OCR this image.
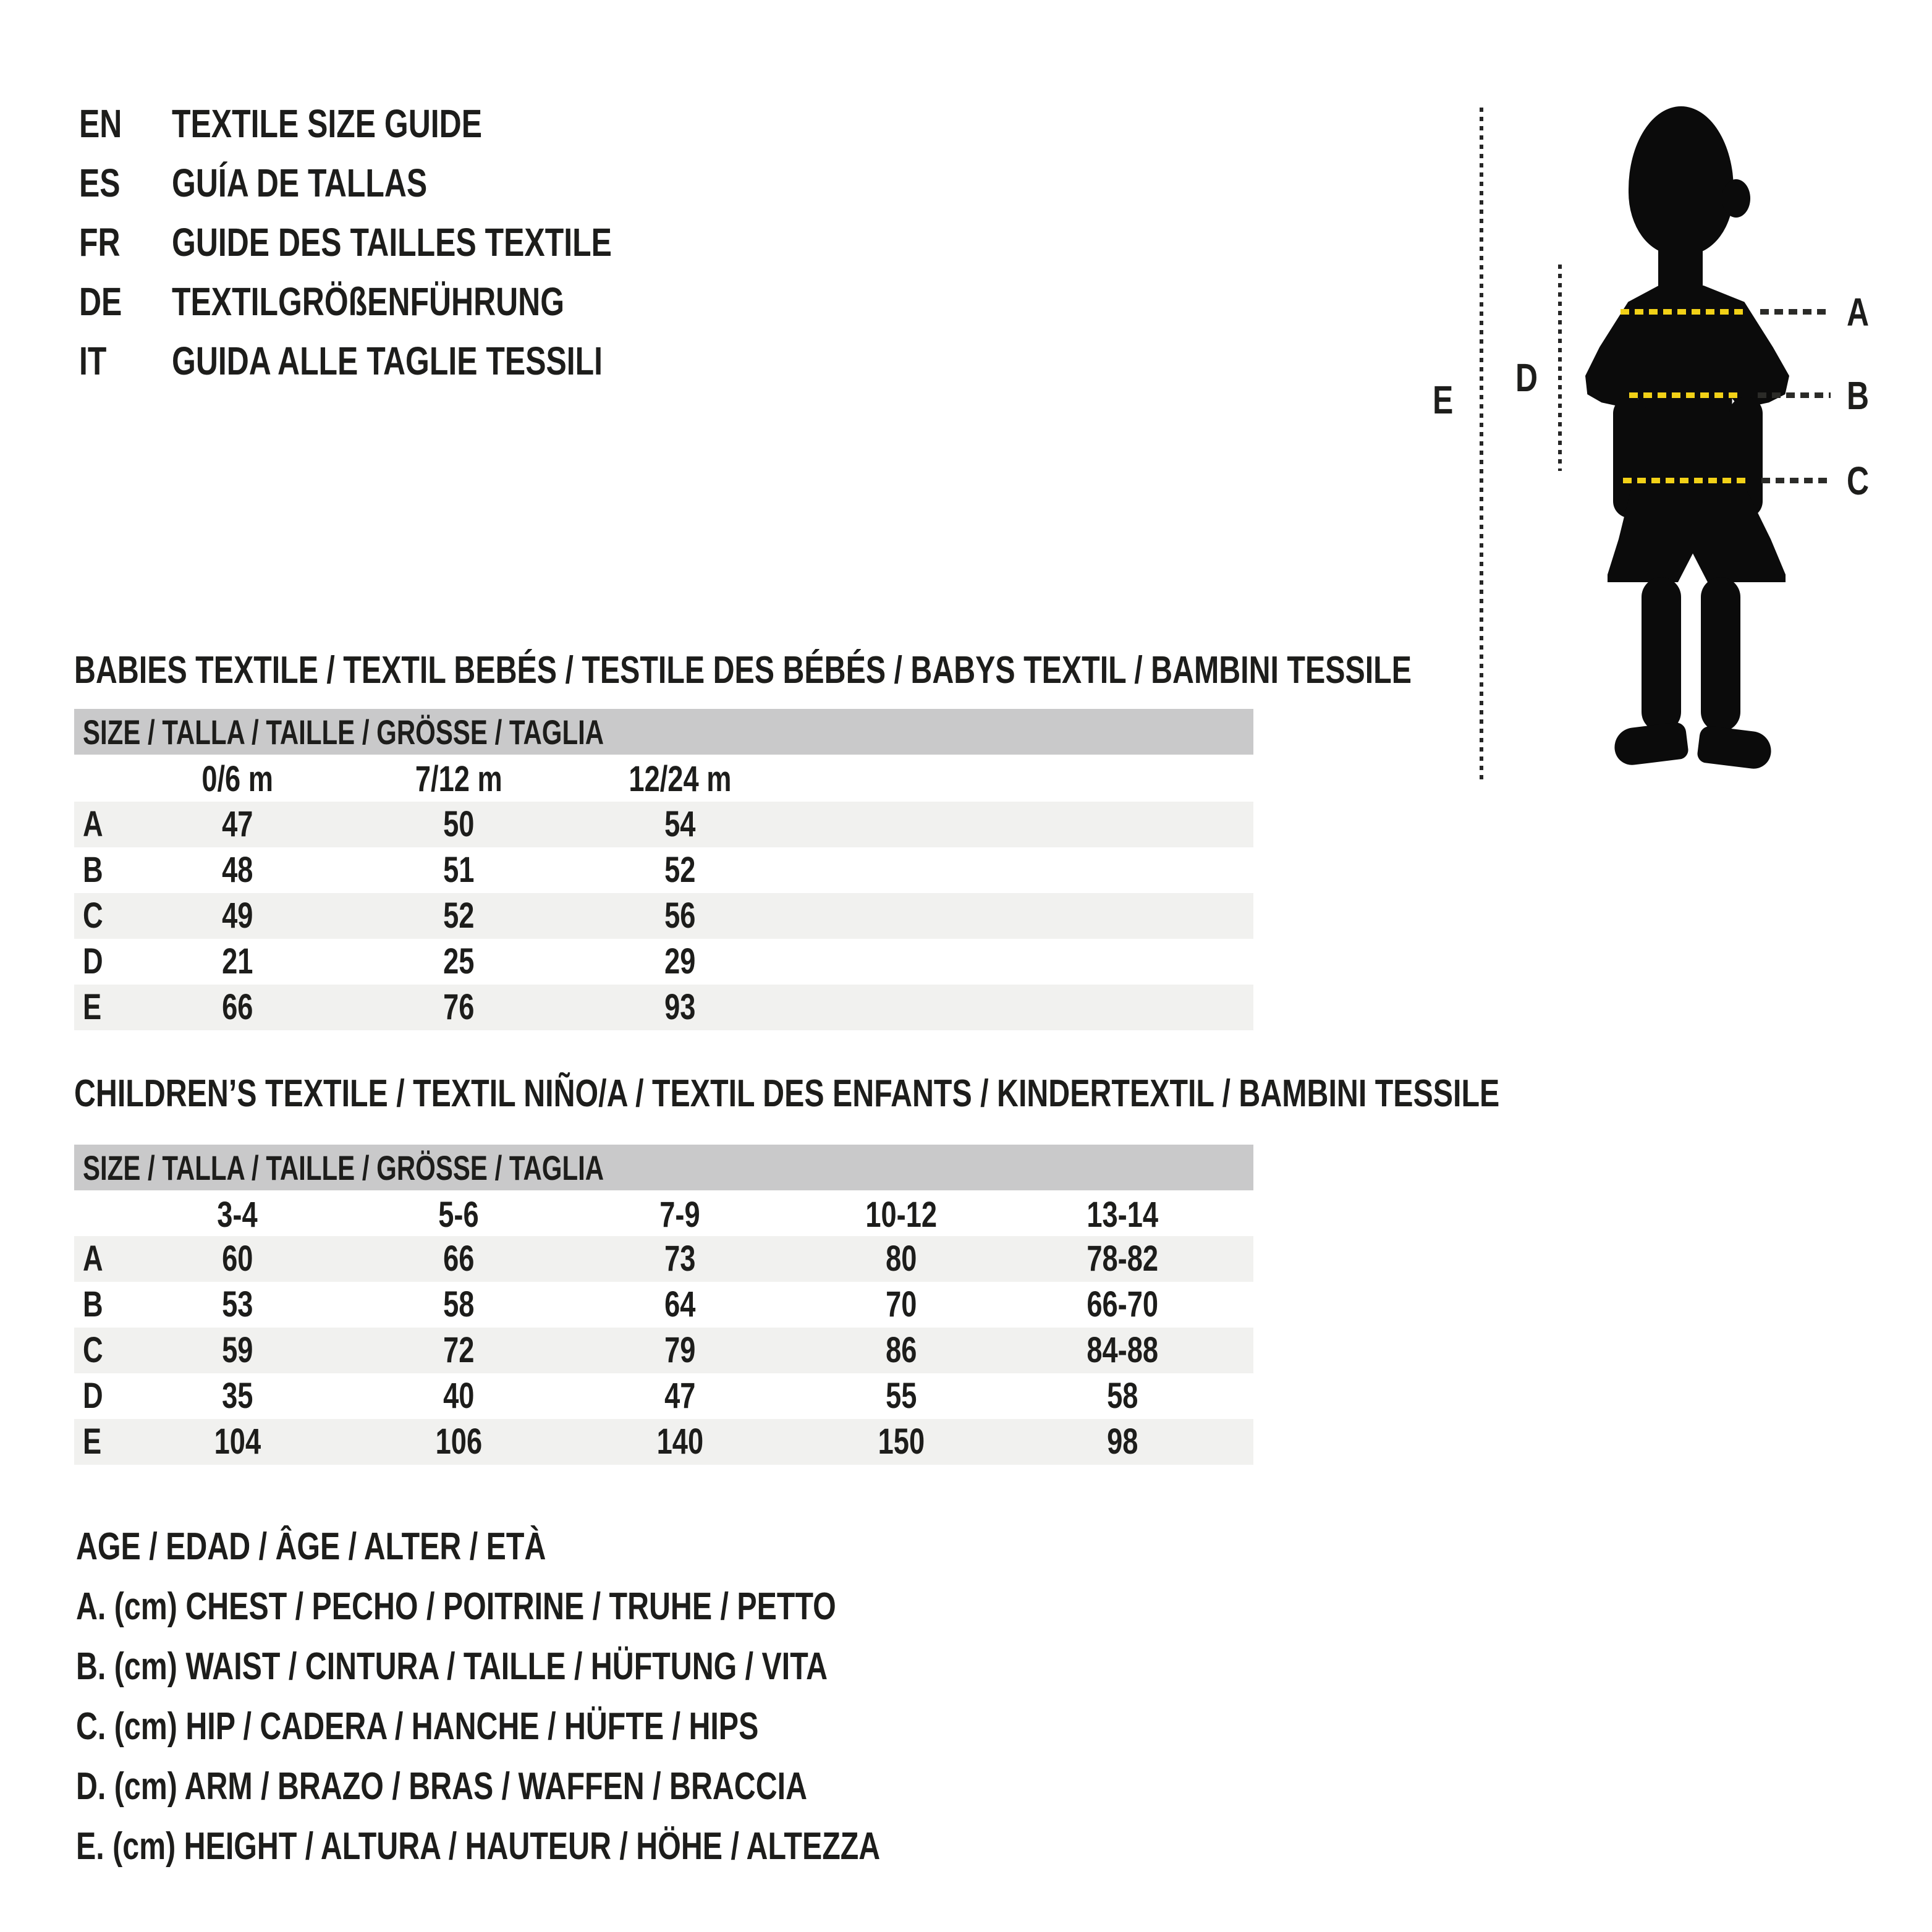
EN	TEXTILE SIZE GUIDE
ES GUÍA DE TALLAS
FR GUIDE DES TAILLES TEXTILE
DE	TEXTILGRÖßENFÜHRUNG
IT GUIDA ALLE TAGLIE TESSILI
A
B
C
D
E
BABIES TEXTILE / TEXTIL BEBÉS / TESTILE DES BÉBÉS / BABYS TEXTIL / BAMBINI TESSILE
SIZE / TALLA / TAILLE / GRÖSSE / TAGLIA
0/6 m	7/12 m	12/24 m
A	47	50	54
B	48	51	52
C	49	52	56
D	21	25	29
E	66	76	93
CHILDREN’S TEXTILE / TEXTIL NIÑO/A / TEXTIL DES ENFANTS / KINDERTEXTIL / BAMBINI TESSILE
SIZE / TALLA / TAILLE / GRÖSSE / TAGLIA
3-4	5-6	7-9	10-12	13-14
A	60	66	73	80	78-82
B	53	58	64	70	66-70
C	59	72	79	86	84-88
D	35	40	47	55	58
E	104	106	140	150	98
AGE / EDAD / ÂGE / ALTER / ETÀ
A. (cm) CHEST / PECHO / POITRINE / TRUHE / PETTO
B. (cm) WAIST / CINTURA / TAILLE / HÜFTUNG / VITA
C. (cm) HIP / CADERA / HANCHE / HÜFTE / HIPS
D. (cm) ARM / BRAZO / BRAS / WAFFEN / BRACCIA
E. (cm) HEIGHT / ALTURA / HAUTEUR / HÖHE / ALTEZZA
